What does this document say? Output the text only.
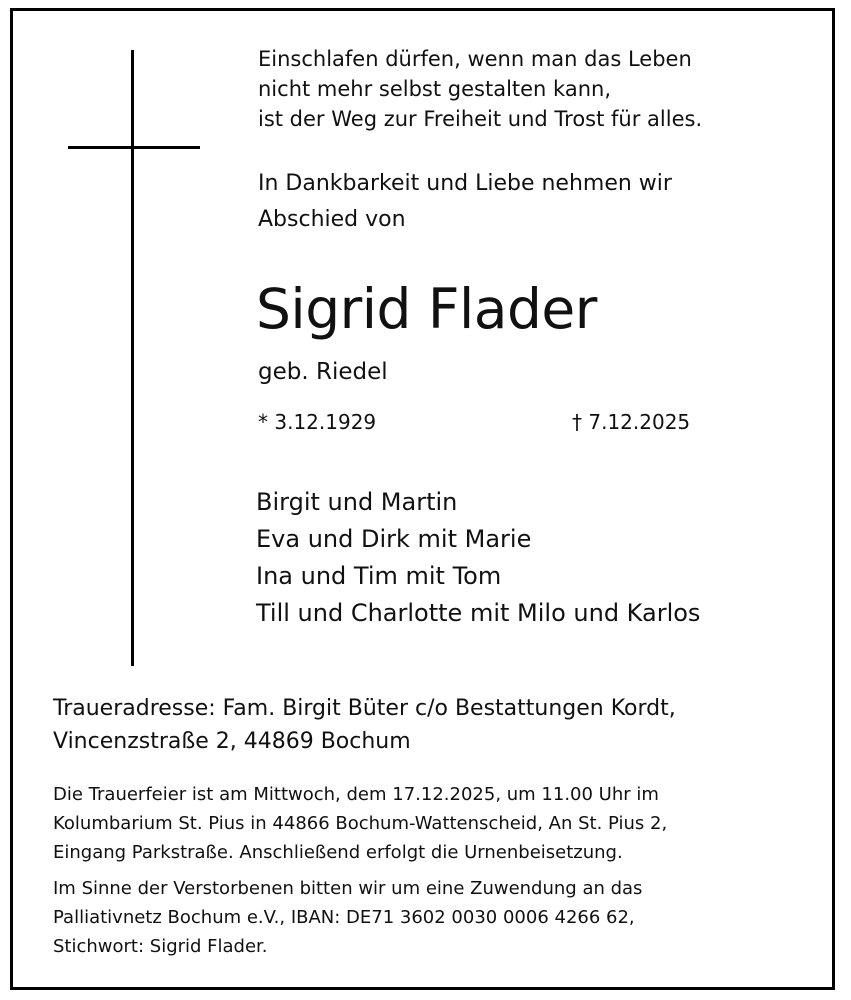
Einschlafen dürfen, wenn man das Leben
nicht mehr selbst gestalten kann,
ist der Weg zur Freiheit und Trost für alles.
In Dankbarkeit und Liebe nehmen wir
Abschied von
Sigrid Flader
geb. Riedel
* 3.12.1929	† 7.12.2025
Birgit und Martin
Eva und Dirk mit Marie
Ina und Tim mit Tom
Till und Charlotte mit Milo und Karlos
Traueradresse: Fam. Birgit Büter c/o Bestattungen Kordt,
Vincenzstraße 2, 44869 Bochum
Die Trauerfeier ist am Mittwoch, dem 17.12.2025, um 11.00 Uhr im
Kolumbarium St. Pius in 44866 Bochum-Wattenscheid, An St. Pius 2,
Eingang Parkstraße. Anschließend erfolgt die Urnenbeisetzung.
Im Sinne der Verstorbenen bitten wir um eine Zuwendung an das
Palliativnetz Bochum e.V., IBAN: DE71 3602 0030 0006 4266 62,
Stichwort: Sigrid Flader.
